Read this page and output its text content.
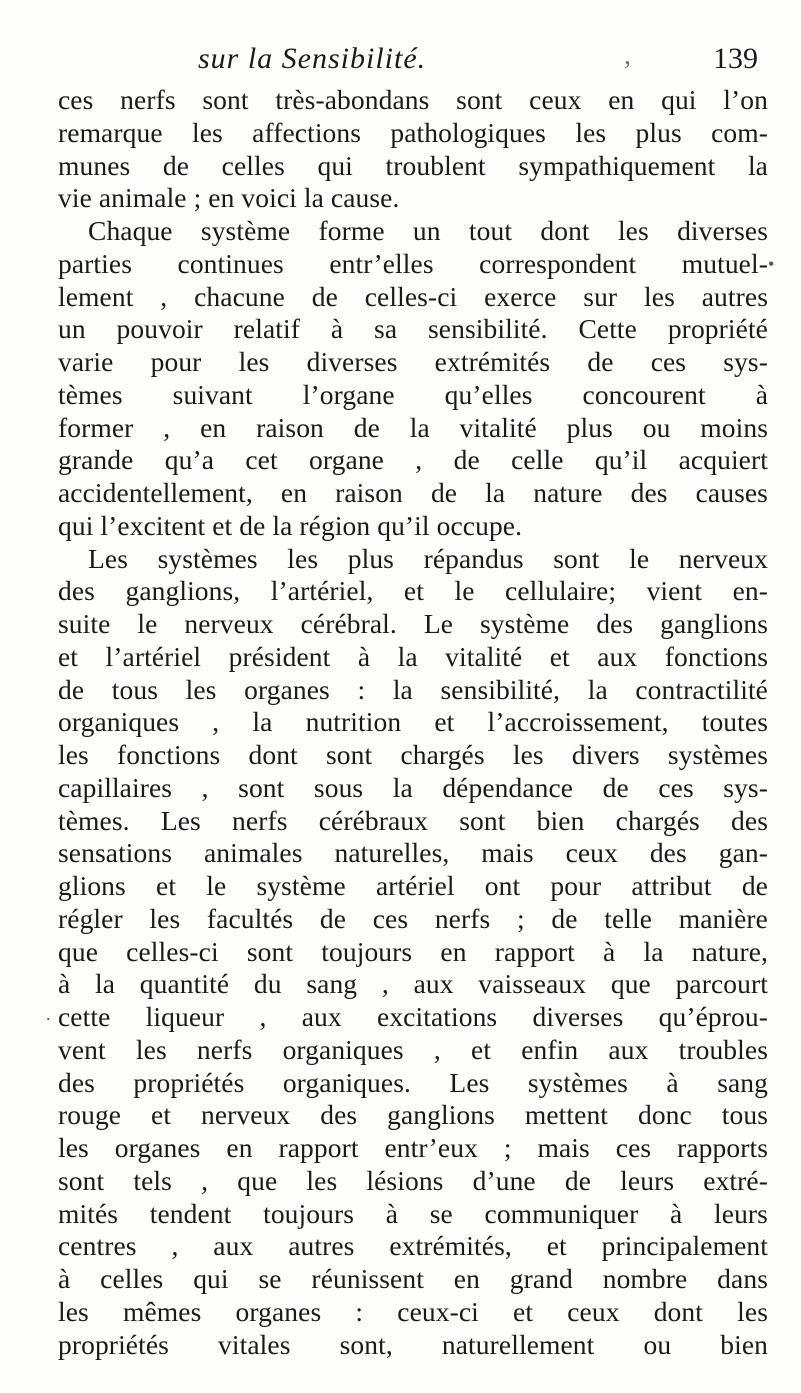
sur la Sensibilité.	,	139
•
.
ces nerfs sont très-abondans sont ceux en qui l’on
remarque les affections pathologiques les plus com-
munes de celles qui troublent sympathiquement la
vie animale ; en voici la cause.
Chaque système forme un tout dont les diverses
parties continues entr’elles correspondent mutuel-
lement , chacune de celles-ci exerce sur les autres
un pouvoir relatif à sa sensibilité. Cette propriété
varie pour les diverses extrémités de ces sys-
tèmes suivant l’organe qu’elles concourent à
former , en raison de la vitalité plus ou moins
grande qu’a cet organe , de celle qu’il acquiert
accidentellement, en raison de la nature des causes
qui l’excitent et de la région qu’il occupe.
Les systèmes les plus répandus sont le nerveux
des ganglions, l’artériel, et le cellulaire; vient en-
suite le nerveux cérébral. Le système des ganglions
et l’artériel président à la vitalité et aux fonctions
de tous les organes : la sensibilité, la contractilité
organiques , la nutrition et l’accroissement, toutes
les fonctions dont sont chargés les divers systèmes
capillaires , sont sous la dépendance de ces sys-
tèmes. Les nerfs cérébraux sont bien chargés des
sensations animales naturelles, mais ceux des gan-
glions et le système artériel ont pour attribut de
régler les facultés de ces nerfs ; de telle manière
que celles-ci sont toujours en rapport à la nature,
à la quantité du sang , aux vaisseaux que parcourt
cette liqueur , aux excitations diverses qu’éprou-
vent les nerfs organiques , et enfin aux troubles
des propriétés organiques. Les systèmes à sang
rouge et nerveux des ganglions mettent donc tous
les organes en rapport entr’eux ; mais ces rapports
sont tels , que les lésions d’une de leurs extré-
mités tendent toujours à se communiquer à leurs
centres , aux autres extrémités, et principalement
à celles qui se réunissent en grand nombre dans
les mêmes organes : ceux-ci et ceux dont les
propriétés vitales sont, naturellement ou bien
